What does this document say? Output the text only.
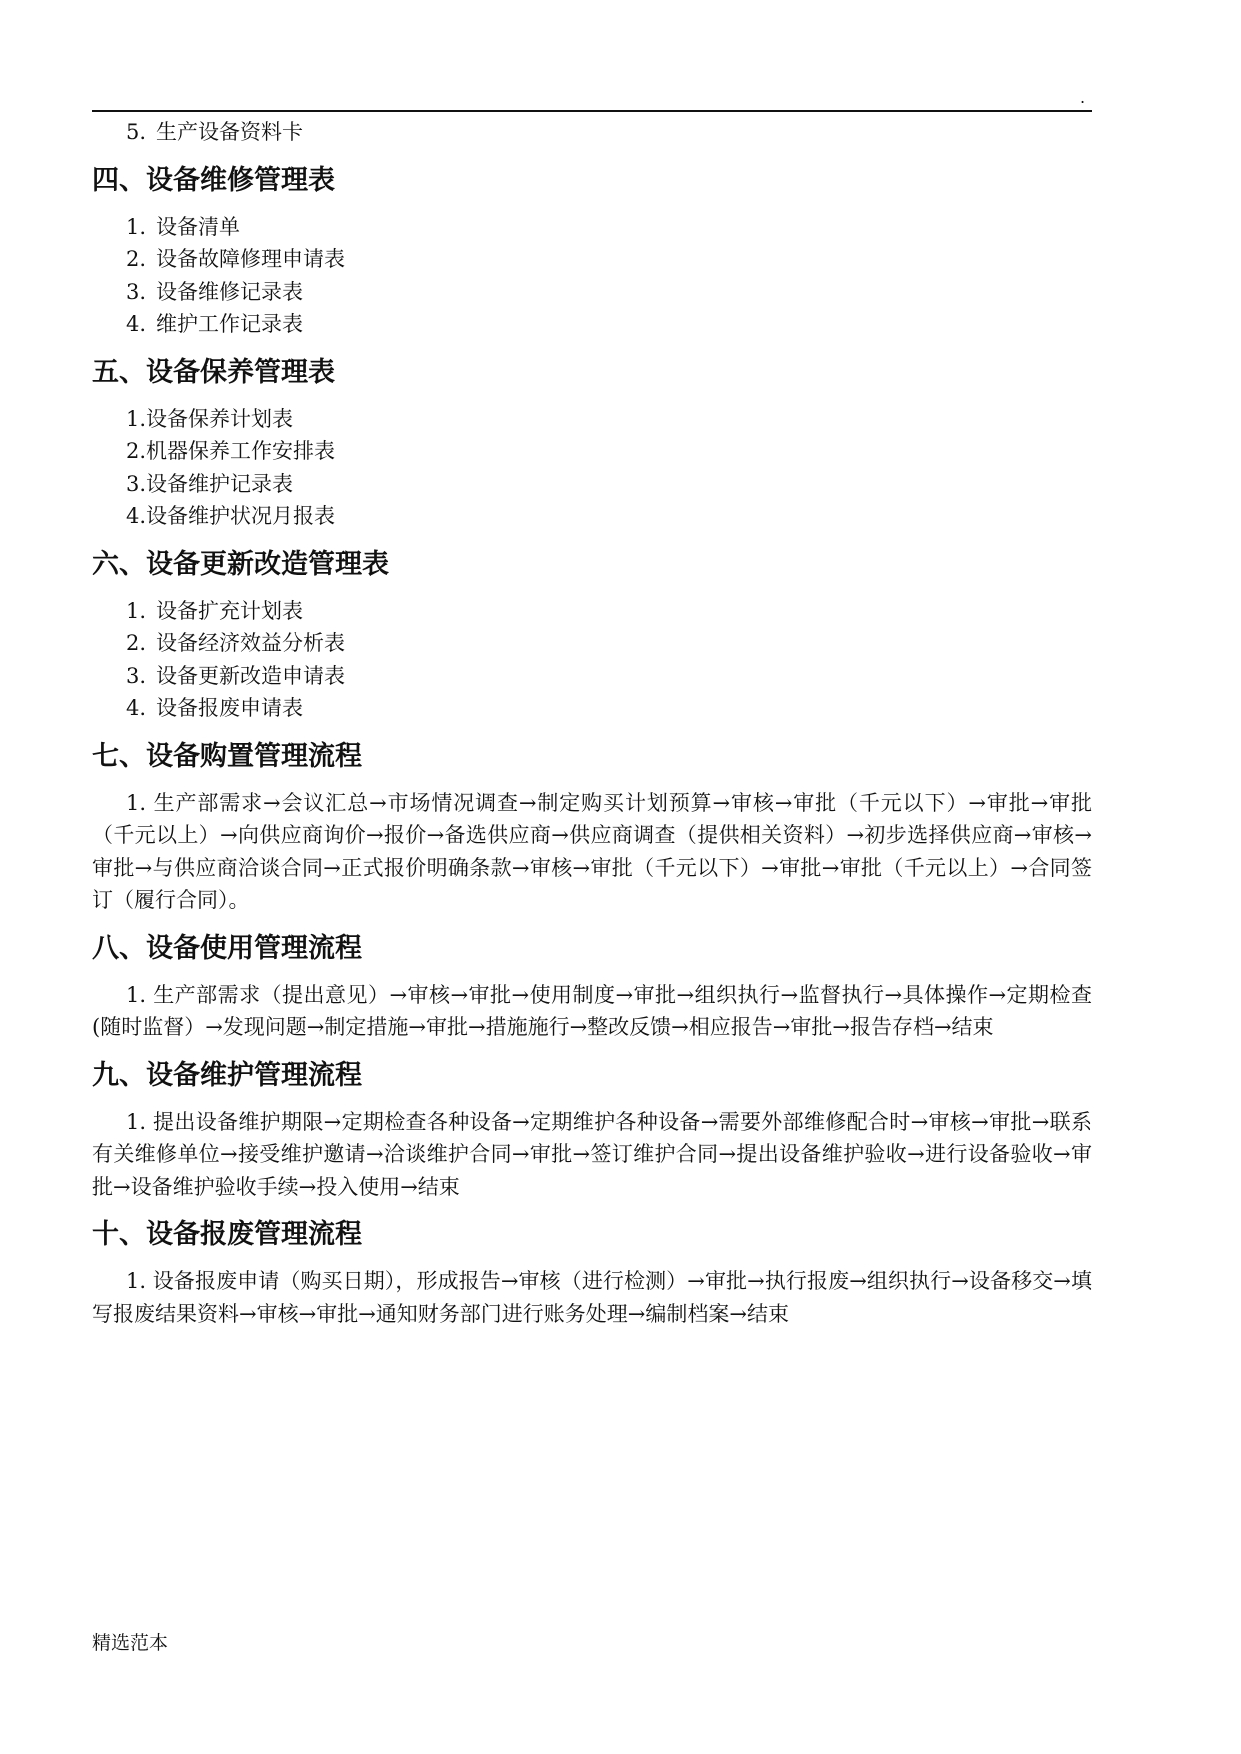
.
5. 生产设备资料卡
四、设备维修管理表
1. 设备清单
2. 设备故障修理申请表
3. 设备维修记录表
4. 维护工作记录表
五、设备保养管理表
1.设备保养计划表
2.机器保养工作安排表
3.设备维护记录表
4.设备维护状况月报表
六、设备更新改造管理表
1. 设备扩充计划表
2. 设备经济效益分析表
3. 设备更新改造申请表
4. 设备报废申请表
七、设备购置管理流程

1. 生产部需求→会议汇总→市场情况调查→制定购买计划预算→审核→审批（千元以下）→审批→审批（千元以上）→向供应商询价→报价→备选供应商→供应商调查（提供相关资料）→初步选择供应商→审核→审批→与供应商洽谈合同→正式报价明确条款→审核→审批（千元以下）→审批→审批（千元以上）→合同签订（履行合同）。

八、设备使用管理流程

1. 生产部需求（提出意见）→审核→审批→使用制度→审批→组织执行→监督执行→具体操作→定期检查(随时监督）→发现问题→制定措施→审批→措施施行→整改反馈→相应报告→审批→报告存档→结束

九、设备维护管理流程

1. 提出设备维护期限→定期检查各种设备→定期维护各种设备→需要外部维修配合时→审核→审批→联系有关维修单位→接受维护邀请→洽谈维护合同→审批→签订维护合同→提出设备维护验收→进行设备验收→审批→设备维护验收手续→投入使用→结束

十、设备报废管理流程

1. 设备报废申请（购买日期），形成报告→审核（进行检测）→审批→执行报废→组织执行→设备移交→填写报废结果资料→审核→审批→通知财务部门进行账务处理→编制档案→结束

精选范本
